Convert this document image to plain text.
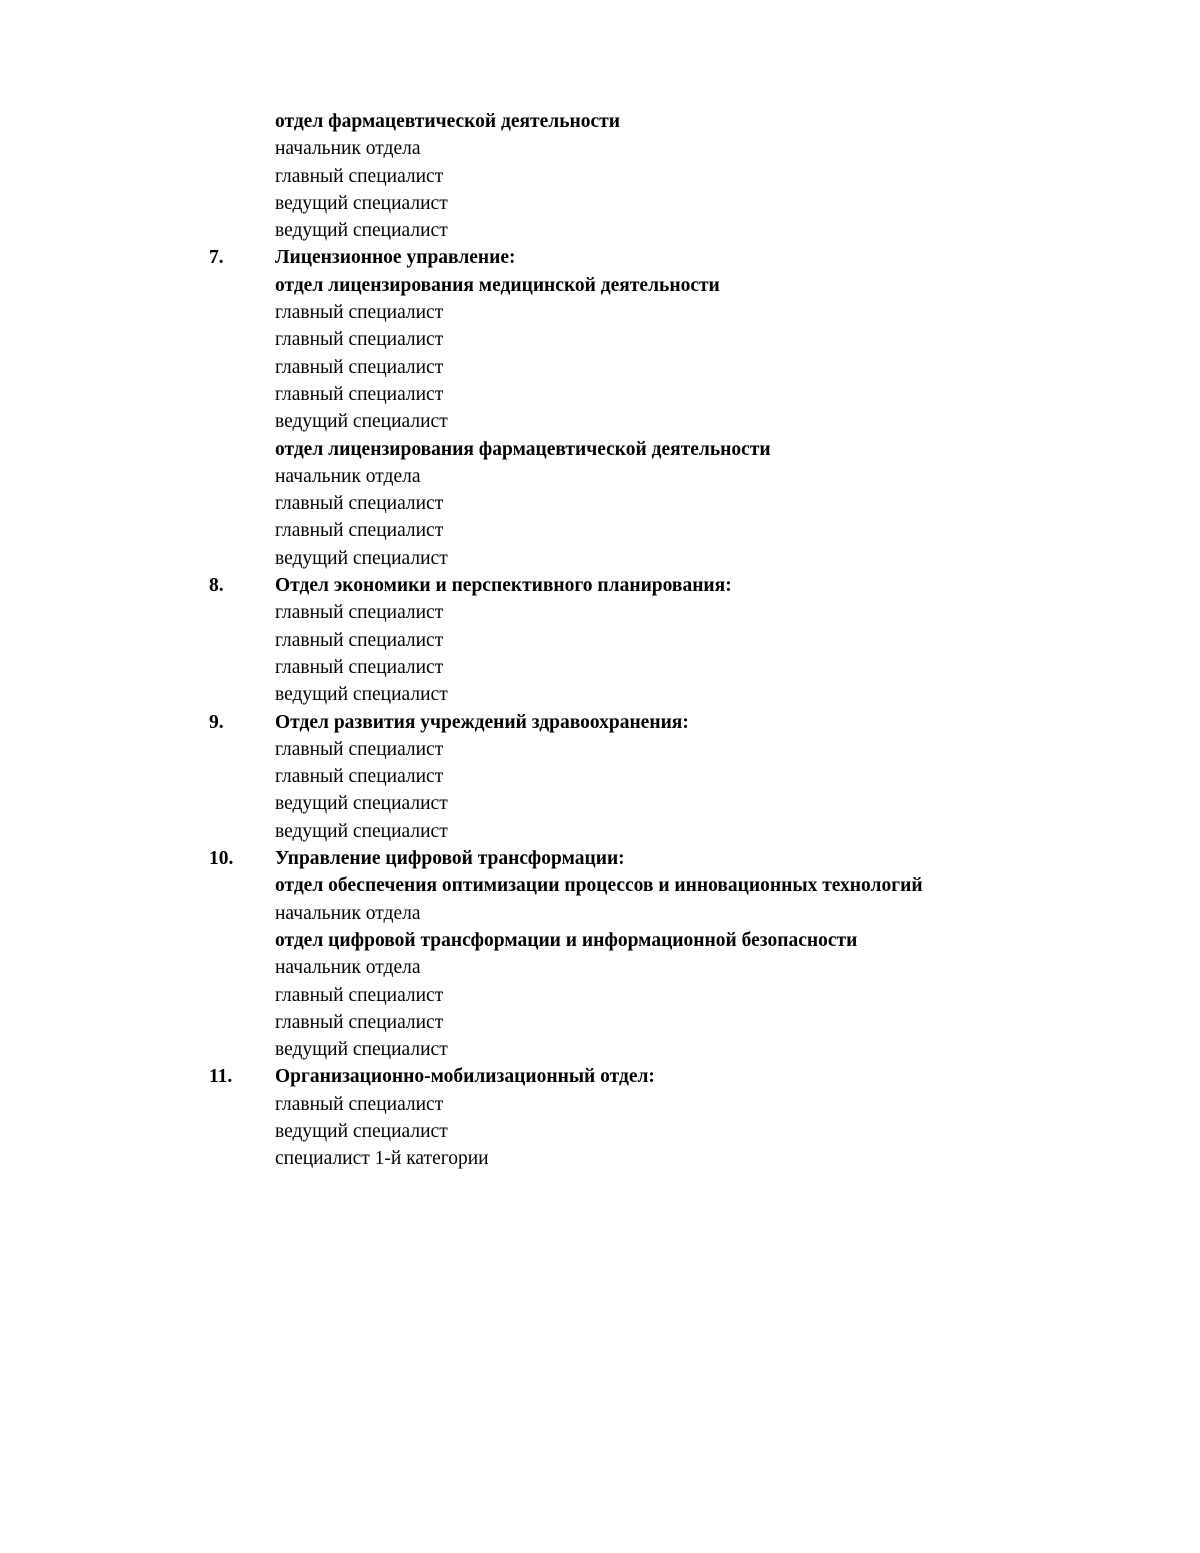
отдел фармацевтической деятельности
начальник отдела
главный специалист
ведущий специалист
ведущий специалист
7.	Лицензионное управление:
отдел лицензирования медицинской деятельности
главный специалист
главный специалист
главный специалист
главный специалист
ведущий специалист
отдел лицензирования фармацевтической деятельности
начальник отдела
главный специалист
главный специалист
ведущий специалист
8.	Отдел экономики и перспективного планирования:
главный специалист
главный специалист
главный специалист
ведущий специалист
9.	Отдел развития учреждений здравоохранения:
главный специалист
главный специалист
ведущий специалист
ведущий специалист
10. Управление цифровой трансформации:
отдел обеспечения оптимизации процессов и инновационных технологий
начальник отдела
отдел цифровой трансформации и информационной безопасности
начальник отдела
главный специалист
главный специалист
ведущий специалист
11. Организационно-мобилизационный отдел:
главный специалист
ведущий специалист
специалист 1-й категории
